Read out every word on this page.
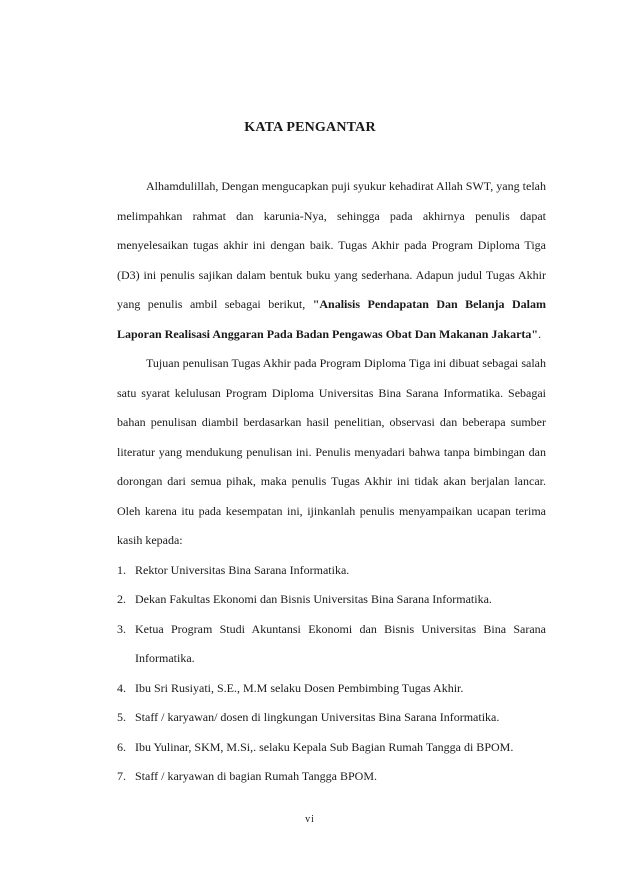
KATA PENGANTAR

Alhamdulillah, Dengan mengucapkan puji syukur kehadirat Allah SWT, yang telah melimpahkan rahmat dan karunia-Nya, sehingga pada akhirnya penulis dapat menyelesaikan tugas akhir ini dengan baik. Tugas Akhir pada Program Diploma Tiga (D3) ini penulis sajikan dalam bentuk buku yang sederhana. Adapun judul Tugas Akhir yang penulis ambil sebagai berikut, "Analisis Pendapatan Dan Belanja Dalam Laporan Realisasi Anggaran Pada Badan Pengawas Obat Dan Makanan Jakarta".

Tujuan penulisan Tugas Akhir pada Program Diploma Tiga ini dibuat sebagai salah satu syarat kelulusan Program Diploma Universitas Bina Sarana Informatika. Sebagai bahan penulisan diambil berdasarkan hasil penelitian, observasi dan beberapa sumber literatur yang mendukung penulisan ini. Penulis menyadari bahwa tanpa bimbingan dan dorongan dari semua pihak, maka penulis Tugas Akhir ini tidak akan berjalan lancar. Oleh karena itu pada kesempatan ini, ijinkanlah penulis menyampaikan ucapan terima kasih kepada:

1. Rektor Universitas Bina Sarana Informatika.
2. Dekan Fakultas Ekonomi dan Bisnis Universitas Bina Sarana Informatika.
3. Ketua Program Studi Akuntansi Ekonomi dan Bisnis Universitas Bina Sarana Informatika.
4. Ibu Sri Rusiyati, S.E., M.M selaku Dosen Pembimbing Tugas Akhir.
5. Staff / karyawan/ dosen di lingkungan Universitas Bina Sarana Informatika.
6. Ibu Yulinar, SKM, M.Si,. selaku Kepala Sub Bagian Rumah Tangga di BPOM.
7. Staff / karyawan di bagian Rumah Tangga BPOM.
vi
